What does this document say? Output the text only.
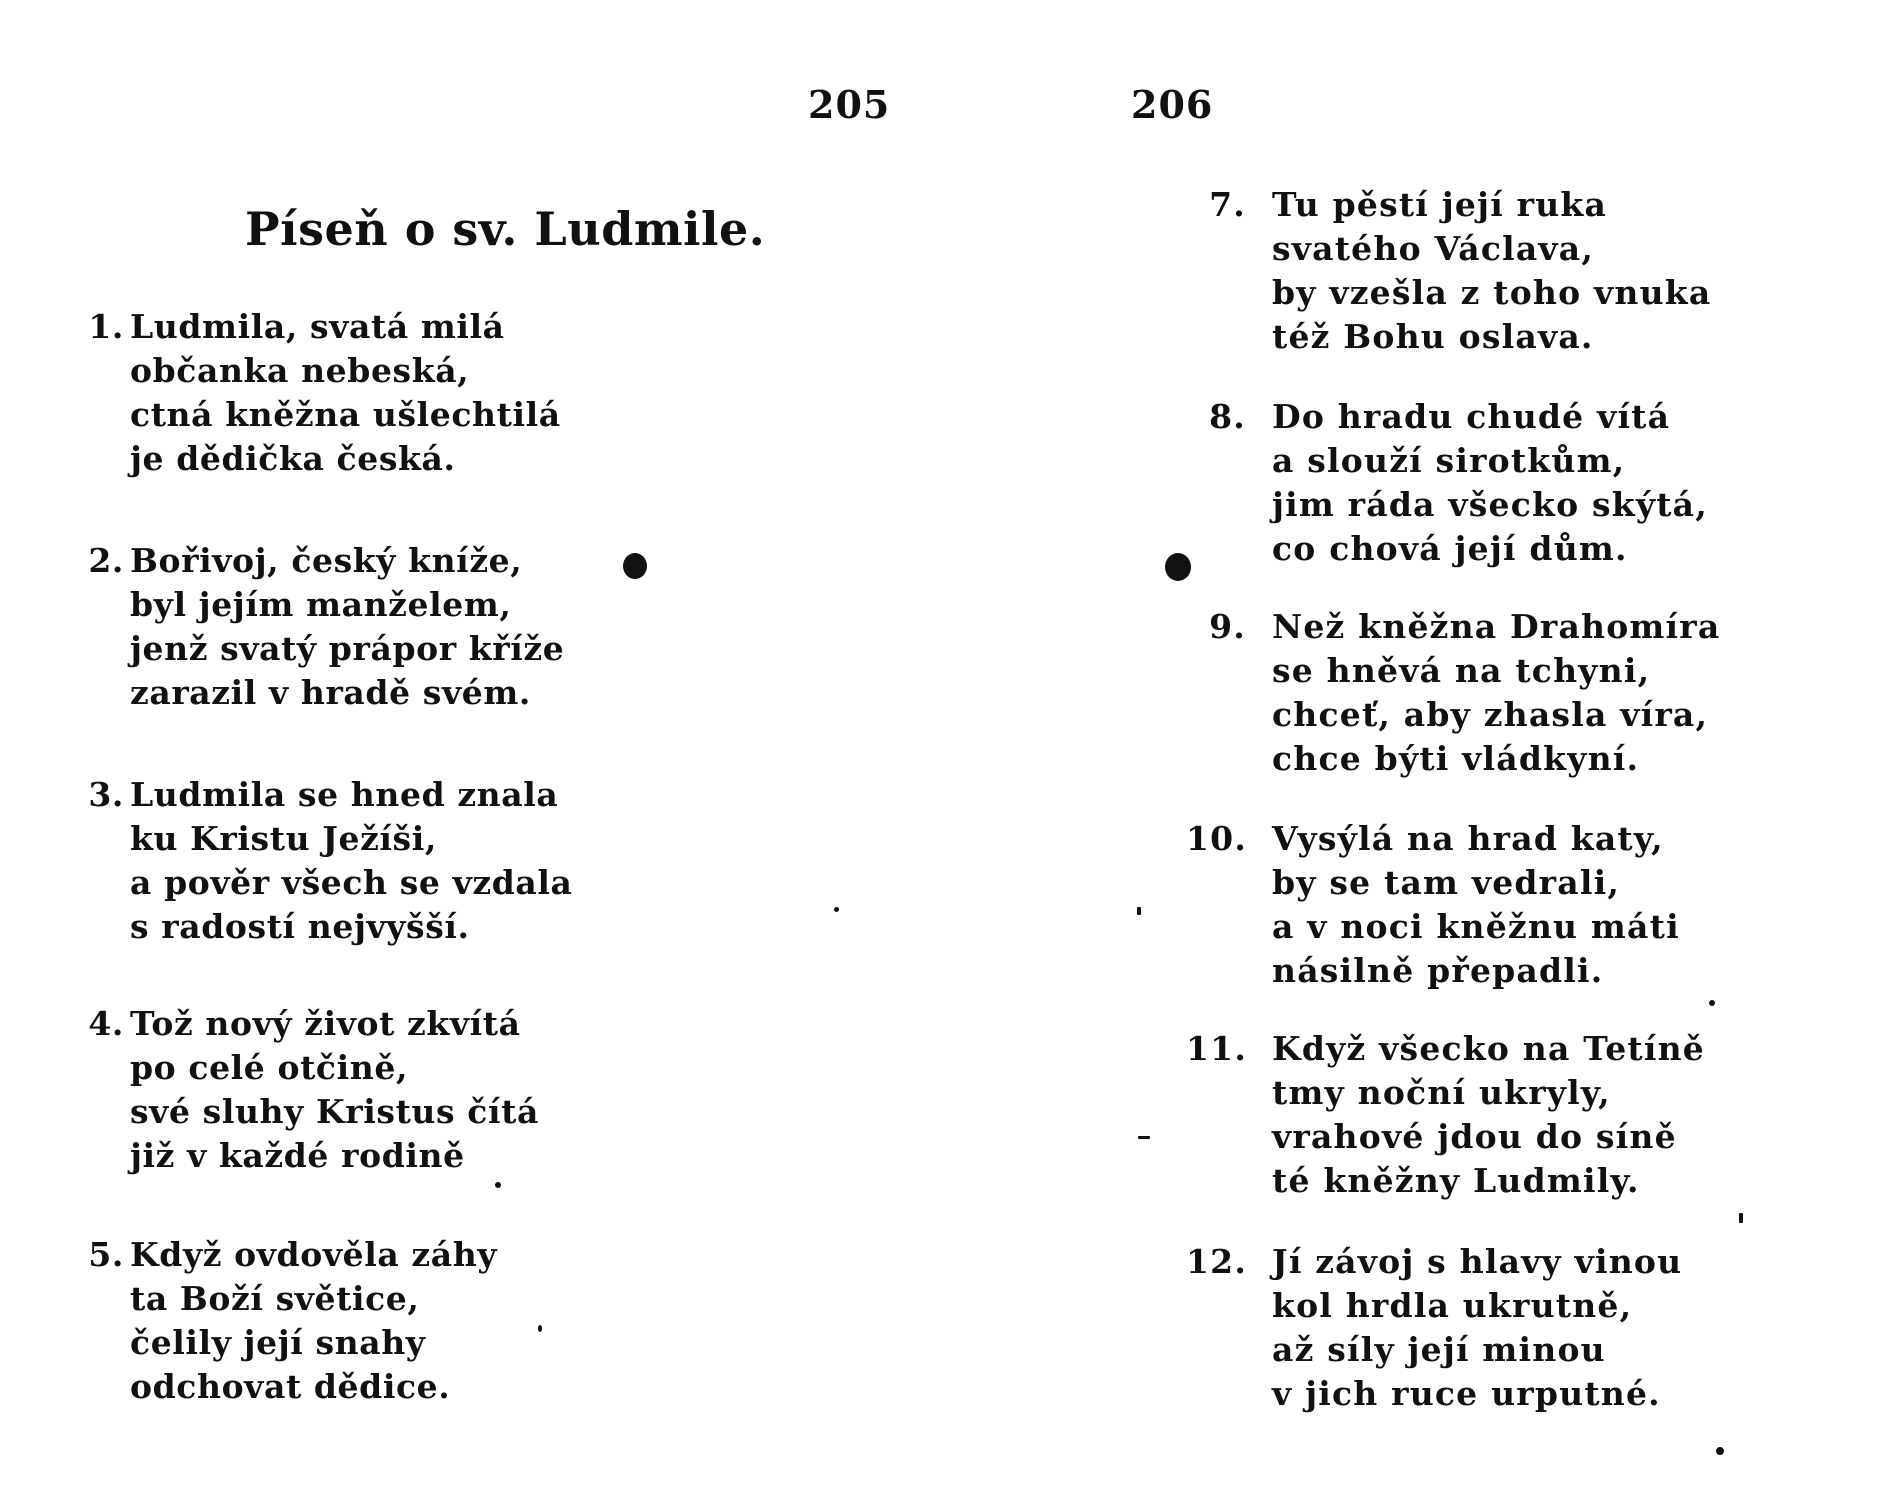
205
Píseň o sv. Ludmile.
1. Ludmila, svatá milá
občanka nebeská,
ctná kněžna ušlechtilá
je dědička česká.
2. Bořivoj, český kníže,
byl jejím manželem,
jenž svatý prápor kříže
zarazil v hradě svém.
3. Ludmila se hned znala
ku Kristu Ježíši,
a pověr všech se vzdala
s radostí nejvyšší.
4. Tož nový život zkvítá
po celé otčině,
své sluhy Kristus čítá
již v každé rodině
5. Když ovdověla záhy
ta Boží světice,
čelily její snahy
odchovat dědice.
206
7. Tu pěstí její ruka
svatého Václava,
by vzešla z toho vnuka
též Bohu oslava.
8. Do hradu chudé vítá
a slouží sirotkům,
jim ráda všecko skýtá,
co chová její dům.
9. Než kněžna Drahomíra
se hněvá na tchyni,
chceť, aby zhasla víra,
chce býti vládkyní.
10. Vysýlá na hrad katy,
by se tam vedrali,
a v noci kněžnu máti
násilně přepadli.
11. Když všecko na Tetíně
tmy noční ukryly,
vrahové jdou do síně
té kněžny Ludmily.
12. Jí závoj s hlavy vinou
kol hrdla ukrutně,
až síly její minou
v jich ruce urputné.
